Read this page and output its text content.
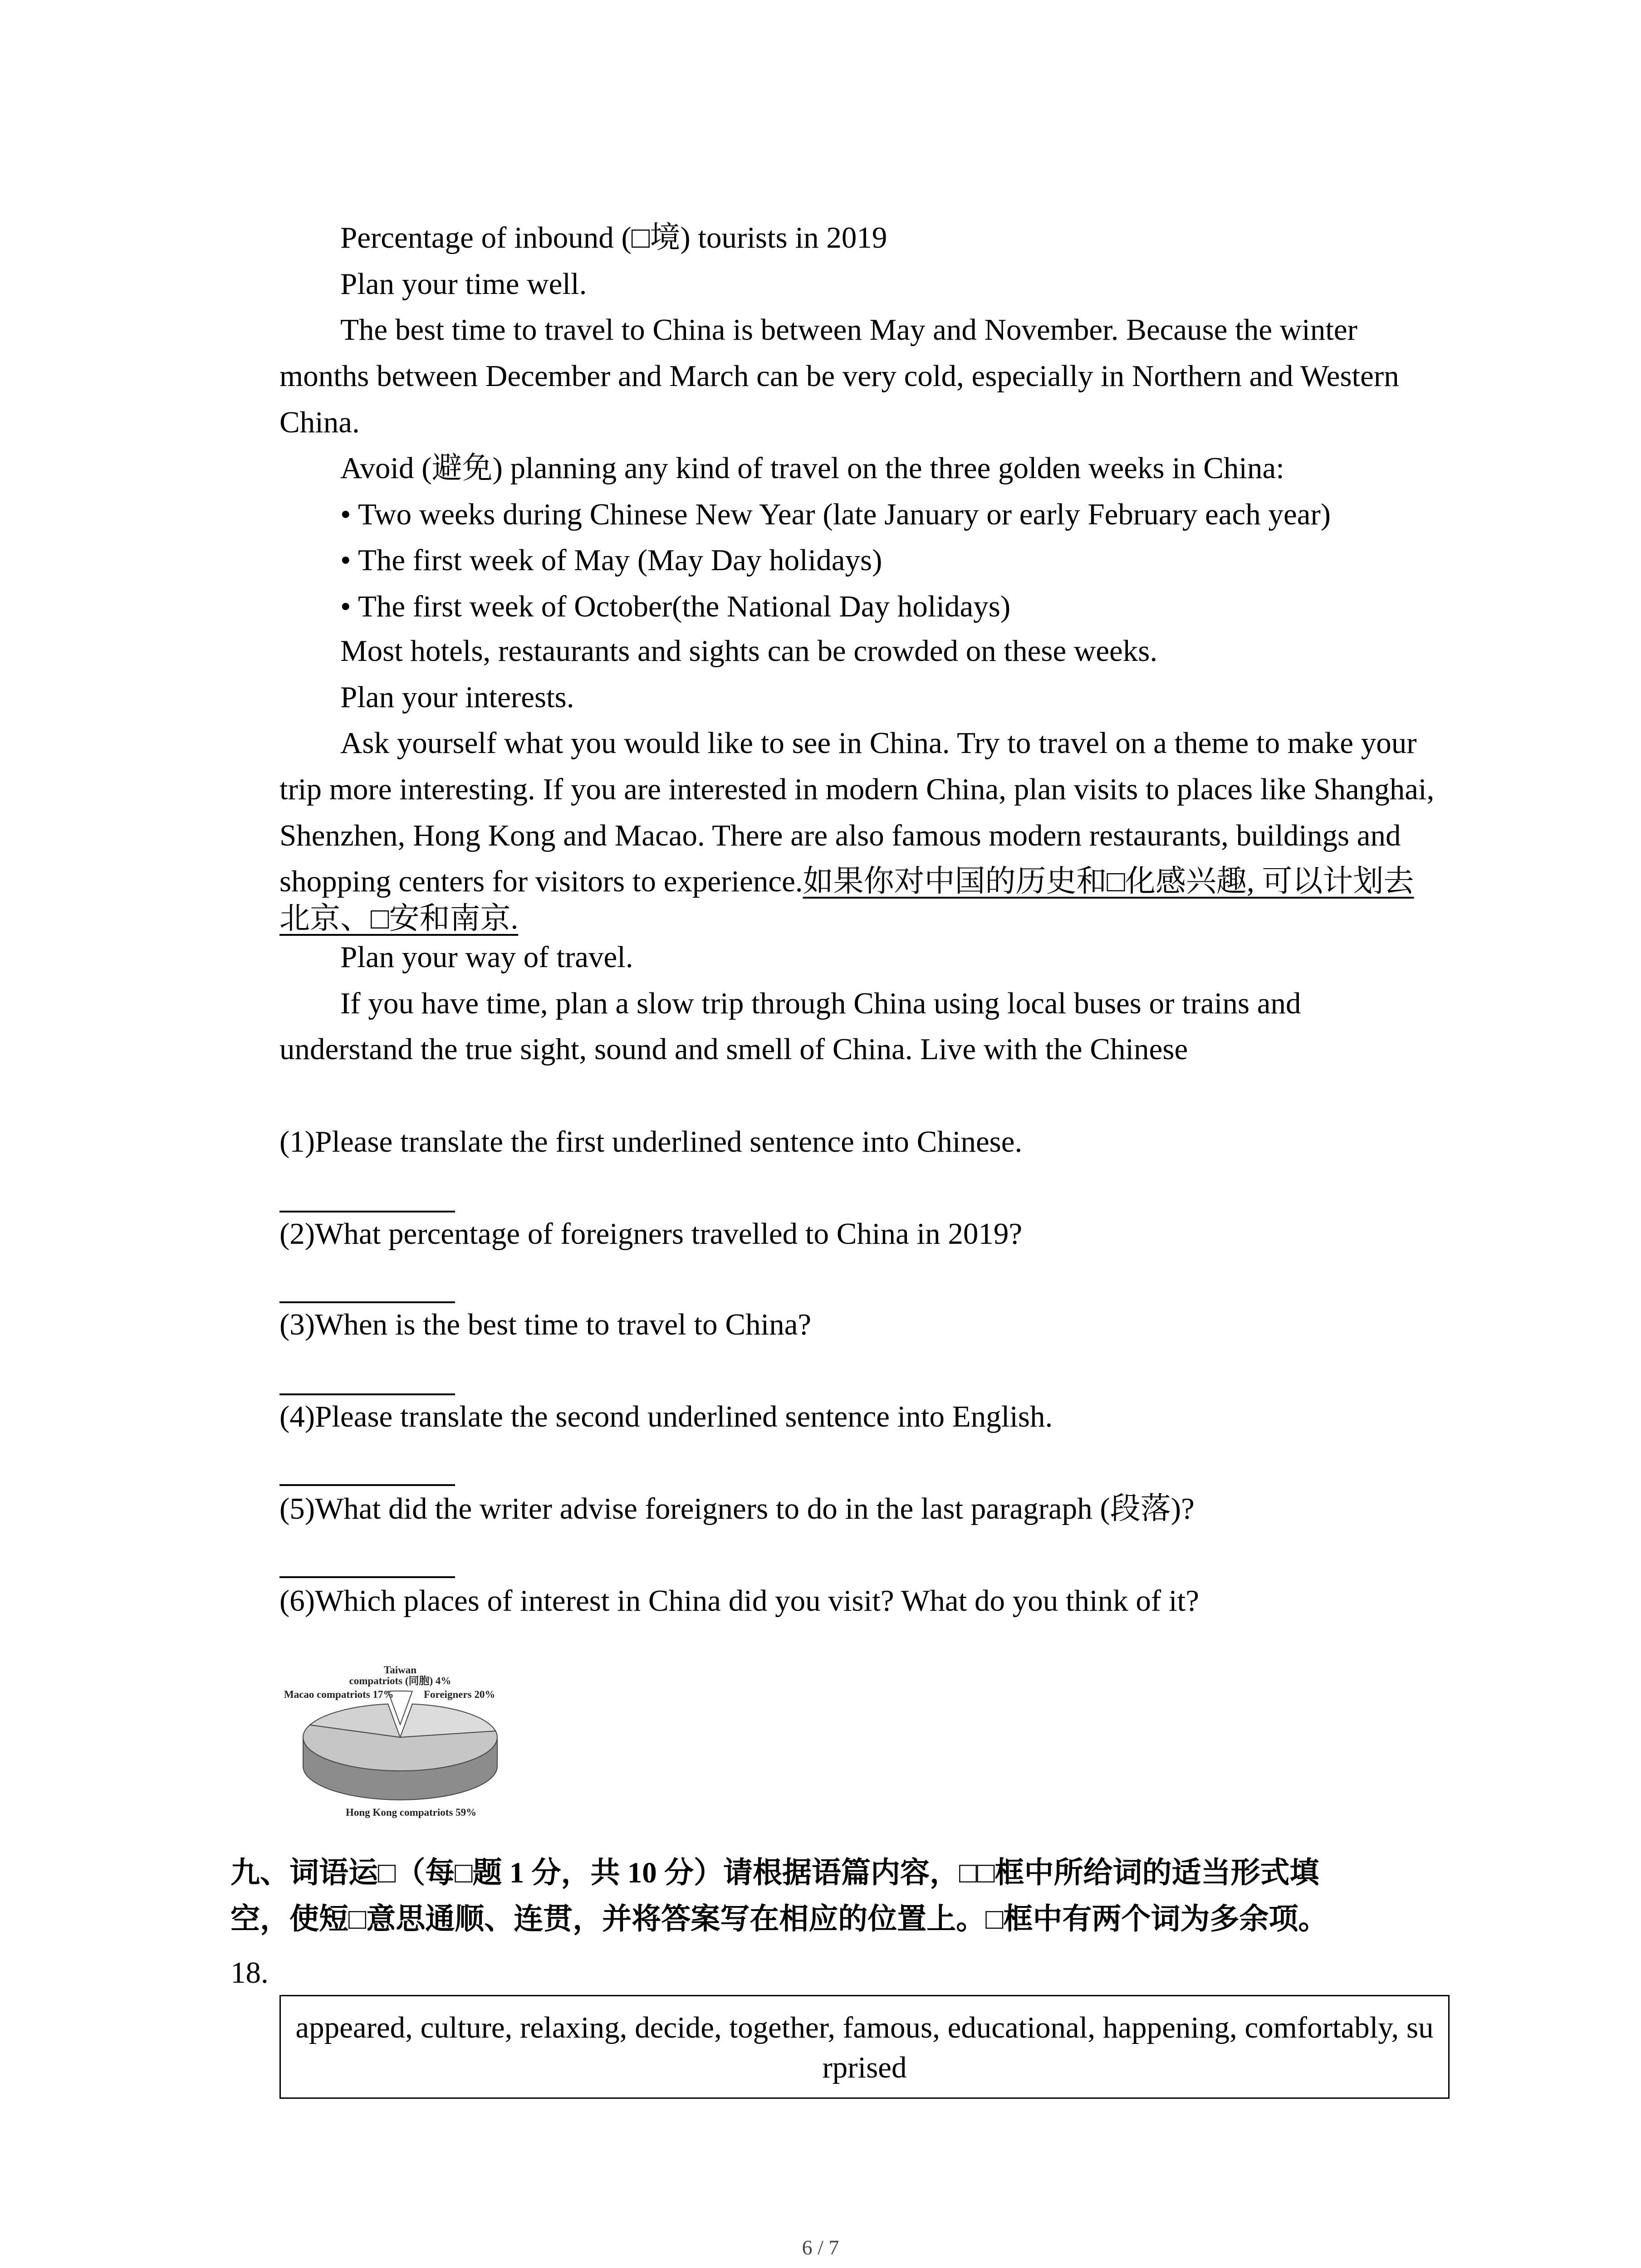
Percentage of inbound (□境) tourists in 2019
Plan your time well.
The best time to travel to China is between May and November. Because the winter
months between December and March can be very cold, especially in Northern and Western
China.
Avoid (避免) planning any kind of travel on the three golden weeks in China:
• Two weeks during Chinese New Year (late January or early February each year)
• The first week of May (May Day holidays)
• The first week of October(the National Day holidays)
Most hotels, restaurants and sights can be crowded on these weeks.
Plan your interests.
Ask yourself what you would like to see in China. Try to travel on a theme to make your
trip more interesting. If you are interested in modern China, plan visits to places like Shanghai,
Shenzhen, Hong Kong and Macao. There are also famous modern restaurants, buildings and
shopping centers for visitors to experience.如果你对中国的历史和□化感兴趣, 可以计划去
北京、□安和南京.
Plan your way of travel.
If you have time, plan a slow trip through China using local buses or trains and
understand the true sight, sound and smell of China. Live with the Chinese
(1)Please translate the first underlined sentence into Chinese.
(2)What percentage of foreigners travelled to China in 2019?
(3)When is the best time to travel to China?
(4)Please translate the second underlined sentence into English.
(5)What did the writer advise foreigners to do in the last paragraph (段落)?
(6)Which places of interest in China did you visit? What do you think of it?
Taiwan
compatriots (同胞) 4%
Foreigners 20%
Hong Kong compatriots 59%
Macao compatriots 17%
九、词语运□（每□题 1 分，共 10 分）请根据语篇内容，□□框中所给词的适当形式填
空，使短□意思通顺、连贯，并将答案写在相应的位置上。□框中有两个词为多余项。
18.
appeared, culture, relaxing, decide, together, famous, educational, happening, comfortably, su
rprised
6 / 7
